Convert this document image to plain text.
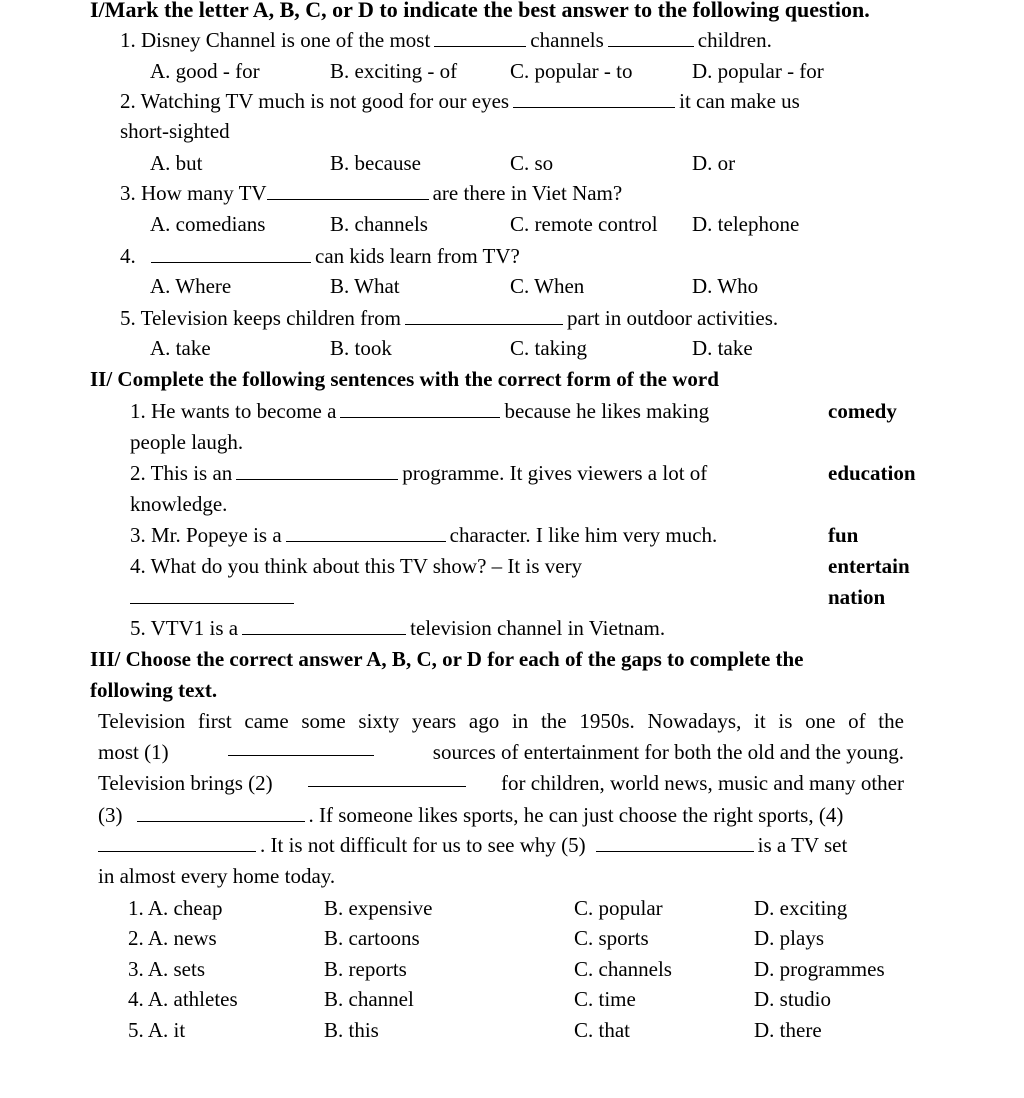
I/Mark the letter A, B, C, or D to indicate the best answer to the following question.
1. Disney Channel is one of the most	channels	children.
A. good - for	B. exciting - of	C. popular - to	D. popular - for
2. Watching TV much is not good for our eyes	it can make us
short-sighted
A. but	B. because	C. so	D. or
3. How many TV	are there in Viet Nam?
A. comedians	B. channels	C. remote control D. telephone
4.	can kids learn from TV?
A. Where	B. What	C. When	D. Who
5. Television keeps children from	part in outdoor activities.
A. take	B. took	C. taking	D. take
II/ Complete the following sentences with the correct form of the word
1. He wants to become a	because he likes making	comedy
people laugh.
2. This is an	programme. It gives viewers a lot of	education
knowledge.
3. Mr. Popeye is a	character. I like him very much.	fun
4. What do you think about this TV show? – It is very	entertain
nation
5. VTV1 is a	television channel in Vietnam.
III/ Choose the correct answer A, B, C, or D for each of the gaps to complete the
following text.
Television first came some sixty years ago in the 1950s. Nowadays, it is one of the
most (1)	sources of entertainment for both the old and the young.
Television brings (2)	for children, world news, music and many other
(3)	. If someone likes sports, he can just choose the right sports, (4)
. It is not difficult for us to see why (5)	is a TV set
in almost every home today.
1. A. cheap	B. expensive	C. popular	D. exciting
2. A. news	B. cartoons	C. sports	D. plays
3. A. sets	B. reports	C. channels	D. programmes
4. A. athletes	B. channel	C. time	D. studio
5. A. it	B. this	C. that	D. there
